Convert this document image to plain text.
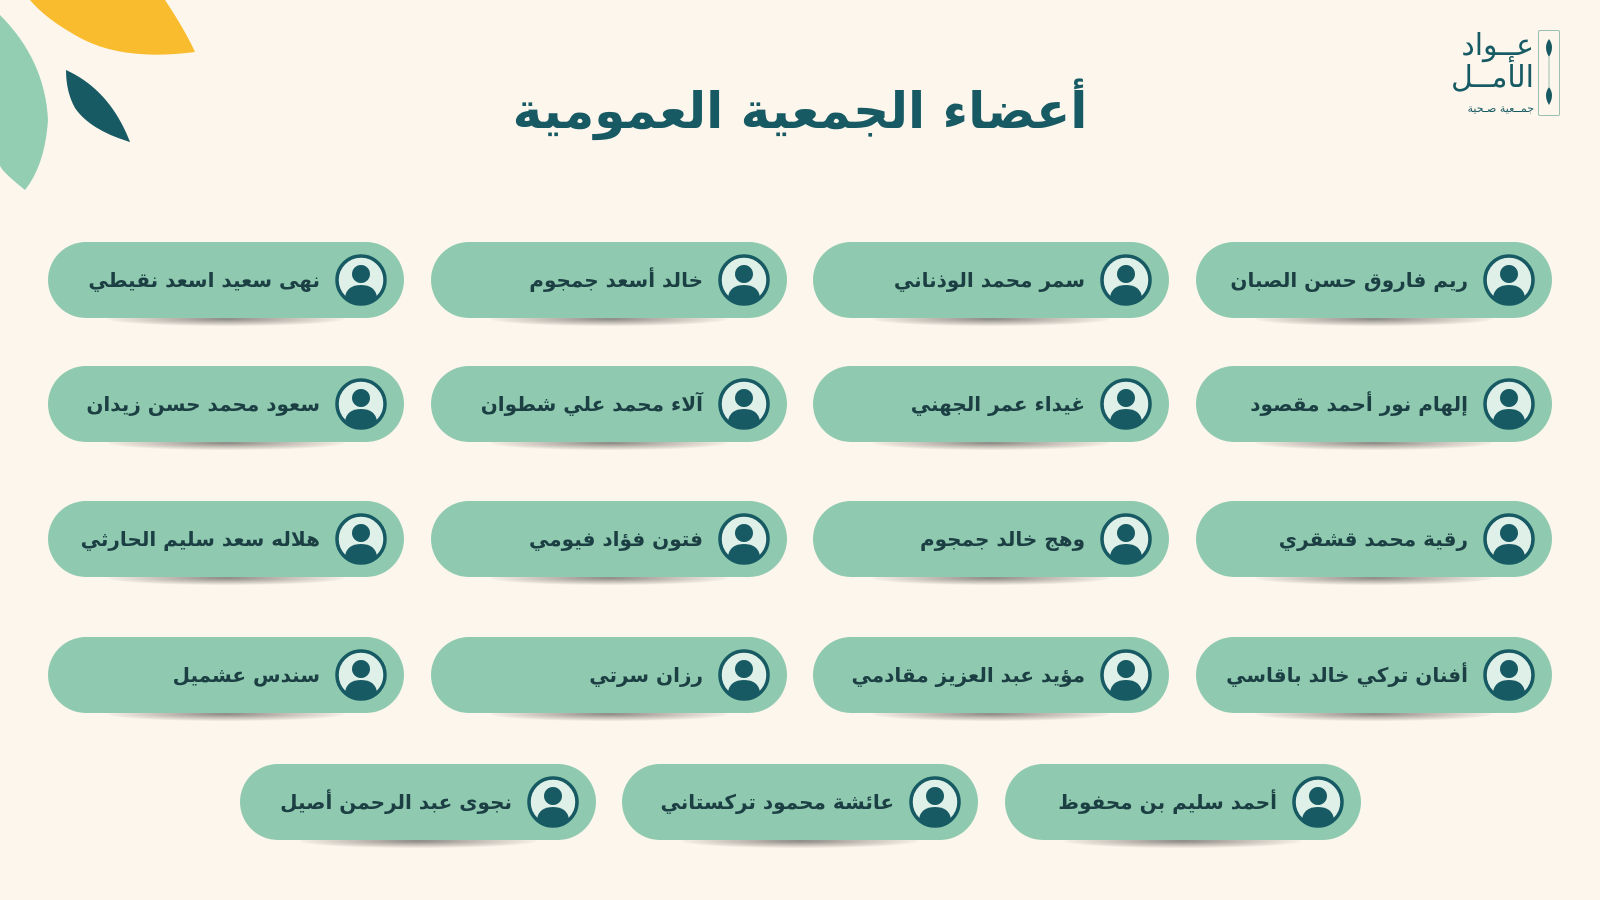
عــواد
الأمــل
جمــعية صـحية
أعضاء الجمعية العمومية
ريم فاروق حسن الصبان
سمر محمد الوذناني
خالد أسعد جمجوم
نهى سعيد اسعد نقيطي
إلهام نور أحمد مقصود
غيداء عمر الجهني
آلاء محمد علي شطوان
سعود محمد حسن زيدان
رقية محمد قشقري
وهج خالد جمجوم
فتون فؤاد فيومي
هلاله سعد سليم الحارثي
أفنان تركي خالد باقاسي
مؤيد عبد العزيز مقادمي
رزان سرتي
سندس عشميل
أحمد سليم بن محفوظ
عائشة محمود تركستاني
نجوى عبد الرحمن أصيل
